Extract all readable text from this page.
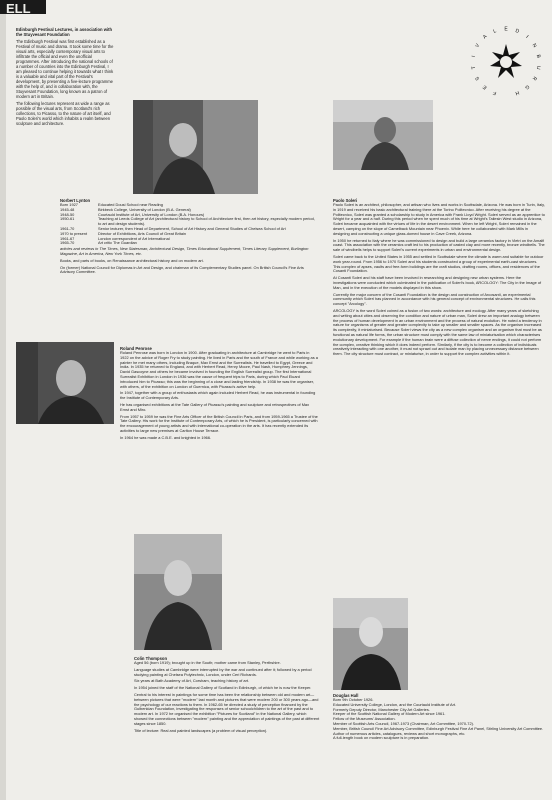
ELL
Edinburgh Festival Lectures, in association with the Stuyvesant Foundation

The Edinburgh Festival was first established as a Festival of music and drama. It took some time for the visual arts, especially contemporary visual arts to infiltrate the official and even the unofficial programmes. After introducing the national schools of a number of countries into the Edinburgh Festival, I am pleased to continue helping it towards what I think is a valuable and vital part of the Festival's development, by presenting a five-lecture programme with the help of, and in collaboration with, the Stuyvesant Foundation, long known as a patron of modern art in Britain.

The following lectures represent as wide a range as possible of the visual arts, from Scotland's rich collections, to Picasso, to the nature of art itself, and Paolo Soleri's world which inhabits a realm between sculpture and architecture.

E D
I
N
B
U
R
G
H
F
E
S
T
I
V
A
L
Norbert Lynton
Born 1927	Educated Dousi School near Reading
1945-48	Birkbeck College, University of London (B.A. General)
1948-50	Courtauld Institute of Art, University of London (B.A. Honours)
1950-61	Teaching at Leeds College of Art (architectural history to School of Architecture first, then art history, especially modern period, to art and design students).
1961-70	Senior lecturer, then Head of Department, School of Art History and General Studies of Chelsea School of Art
1970 to present	Director of Exhibitions, Arts Council of Great Britain
1961-67	London correspondent of Art International
1965-70	Art critic The Guardian

articles and reviews in The Times, New Statesman, Architectural Design, Times Educational Supplement, Times Literary Supplement, Burlington Magazine, Art in America, New York Times, etc.

Books, and parts of books, on Renaissance architectural history and on modern art.

On (former) National Council for Diplomas in Art and Design, and chairman of its Complementary Studies panel. On British Council's Fine Arts Advisory Committee.

Paolo Soleri

Paolo Soleri is an architect, philosopher, and artisan who lives and works in Scottsdale, Arizona. He was born in Turin, Italy, in 1919 and received his basic architectural training there at the Torino Politecnico. After receiving his degree at the Politecnico, Soleri was granted a scholarship to study in America with Frank Lloyd Wright. Soleri served as an apprentice to Wright for a year and a half. During this period when he spent much of his time at Wright's Taliesin West studio in Arizona, Soleri became acquainted with the virtues of life in the desert environment. When he left Wright, Soleri remained in the desert, camping on the slope of Camelback Mountain near Phoenix. While here he collaborated with Mark Mills in designing and constructing a unique glass-domed house in Cave Creek, Arizona.

In 1950 he returned to Italy where he was commissioned to design and build a large ceramics factory in Vietri on the Amalfi coast. This association with the ceramics craft led to his production of casted clay and more recently, bronze windbells. The sale of windbells helps to support Soleri's current experiments in urban and environmental design.

Soleri came back to the United States in 1955 and settled in Scottsdale where the climate is warm and suitable for outdoor work year-round. From 1956 to 1970 Soleri and his students constructed a group of experimental earth-cast structures. This complex of apses, vaults and free-form buildings are the craft studios, drafting rooms, offices, and residences of the Cosanti Foundation.

At Cosanti Soleri and his staff have been involved in researching and designing new urban systems. Here the investigations were conducted which culminated in the publication of Soleri's book, ARCOLOGY: The City in the Image of Man, and in the execution of the models displayed in this show.

Currently the major concern of the Cosanti Foundation is the design and construction of Arcosanti, an experimental community which Soleri has planned in accordance with his general concept of environmental structures. He calls this concept "Arcology".

ARCOLOGY is the word Soleri coined as a fusion of two words: architecture and ecology. After many years of sketching and writing about cities and observing the condition and nature of urban man, Soleri drew an important analogy between the process of human development in an urban environment and the process of natural evolution. He noted a tendency in nature for organisms of greater and greater complexity to take up smaller and smaller spaces. As the organism increased its complexity, it miniaturised. Because Soleri views the city as a new complex organism and an organism that must be as functional as natural life forms, the urban structure must comply with the same law of miniaturisation which characterises evolutionary development. For example if the human brain were a diffuse collection of nerve endings, it could not perform the complex, creative thinking which it does indeed perform. Similarly, if the city is to become a collection of individuals creatively interacting with one another, it must not sprawl out and isolate man by placing unnecessary distance between them. The city structure must contract, or miniaturise, in order to support the complex activities within it.

Roland Penrose

Roland Penrose was born in London in 1900. After graduating in architecture at Cambridge he went to Paris in 1922 on the advice of Roger Fry to study painting. He lived in Paris and the south of France and while working as a painter he met many others, including Braque, Max Ernst and the Surrealists. He travelled to Egypt, Greece and India. In 1935 he returned to England, and with Herbert Read, Henry Moore, Paul Nash, Humphrey Jennings, David Gascoyne and others he became involved in founding the English Surrealist group. The first International Surrealist Exhibition in London in 1936 was the cause of frequent trips to Paris, during which Paul Eluard introduced him to Picasso; this was the beginning of a close and lasting friendship. In 1938 he was the organiser, with others, of the exhibition on London of Guernica, with Picasso's active help.

In 1947, together with a group of enthusiasts which again included Herbert Read, he was instrumental in founding the Institute of Contemporary Arts.

He has organised exhibitions at the Tate Gallery of Picasso's painting and sculpture and retrospectives of Max Ernst and Miro.

From 1957 to 1959 he was the Fine Arts Officer of the British Council in Paris, and from 1959-1965 a Trustee of the Tate Gallery. His work for the Institute of Contemporary Arts, of which he is President, is particularly concerned with the encouragement of young artists and with international co-operation in the arts. It has recently extended its activities to large new premises at Carlton House Terrace.

In 1964 he was made a C.B.E. and knighted in 1966.

Colin Thompson

Aged 56 (born 1919); brought up in the South; mother came from Stanley, Perthshire.

Language studies at Cambridge were interrupted by the war and continued after it; followed by a period studying painting at Chelsea Polytechnic, London, under Ceri Richards.

Six years at Bath Academy of Art, Corsham, teaching history of art.

In 1954 joined the staff of the National Gallery of Scotland in Edinburgh, of which he is now the Keeper.

Central to his interest in paintings for some time has been the relationship between old and modern art—between pictures that were "modern" last month and pictures that were modern 200 or 300 years ago—and the psychology of our reactions to them. In 1962-65 he directed a study of perception financed by the Gulbenkian Foundation, investigating the responses of senior schoolchildren to the art of the past and to modern art. In 1972 he organised the exhibition "Pictures for Scotland" in the National Gallery, which showed the connections between "modern" painting and the appreciation of paintings of the past at different stages since 1850.

Title of lecture: Real and painted landscapes (a problem of visual perception).

Douglas Hall
Born 9th October 1926.
Educated University College, London, and the Courtauld Institute of Art.
Formerly Deputy Director, Manchester City Art Galleries.
Keeper of the Scottish National Gallery of Modern Art since 1961.
Fellow of the Museums' Association.
Member of Scottish Arts Council, 1967-1973 (Chairman, Art Committee, 1970-72).
Member, British Council Fine Art Advisory Committee, Edinburgh Festival Fine Art Panel, Stirling University Art Committee.
Author of numerous articles, catalogues, reviews and short monographs, etc.
A full-length book on modern sculpture is in preparation.
